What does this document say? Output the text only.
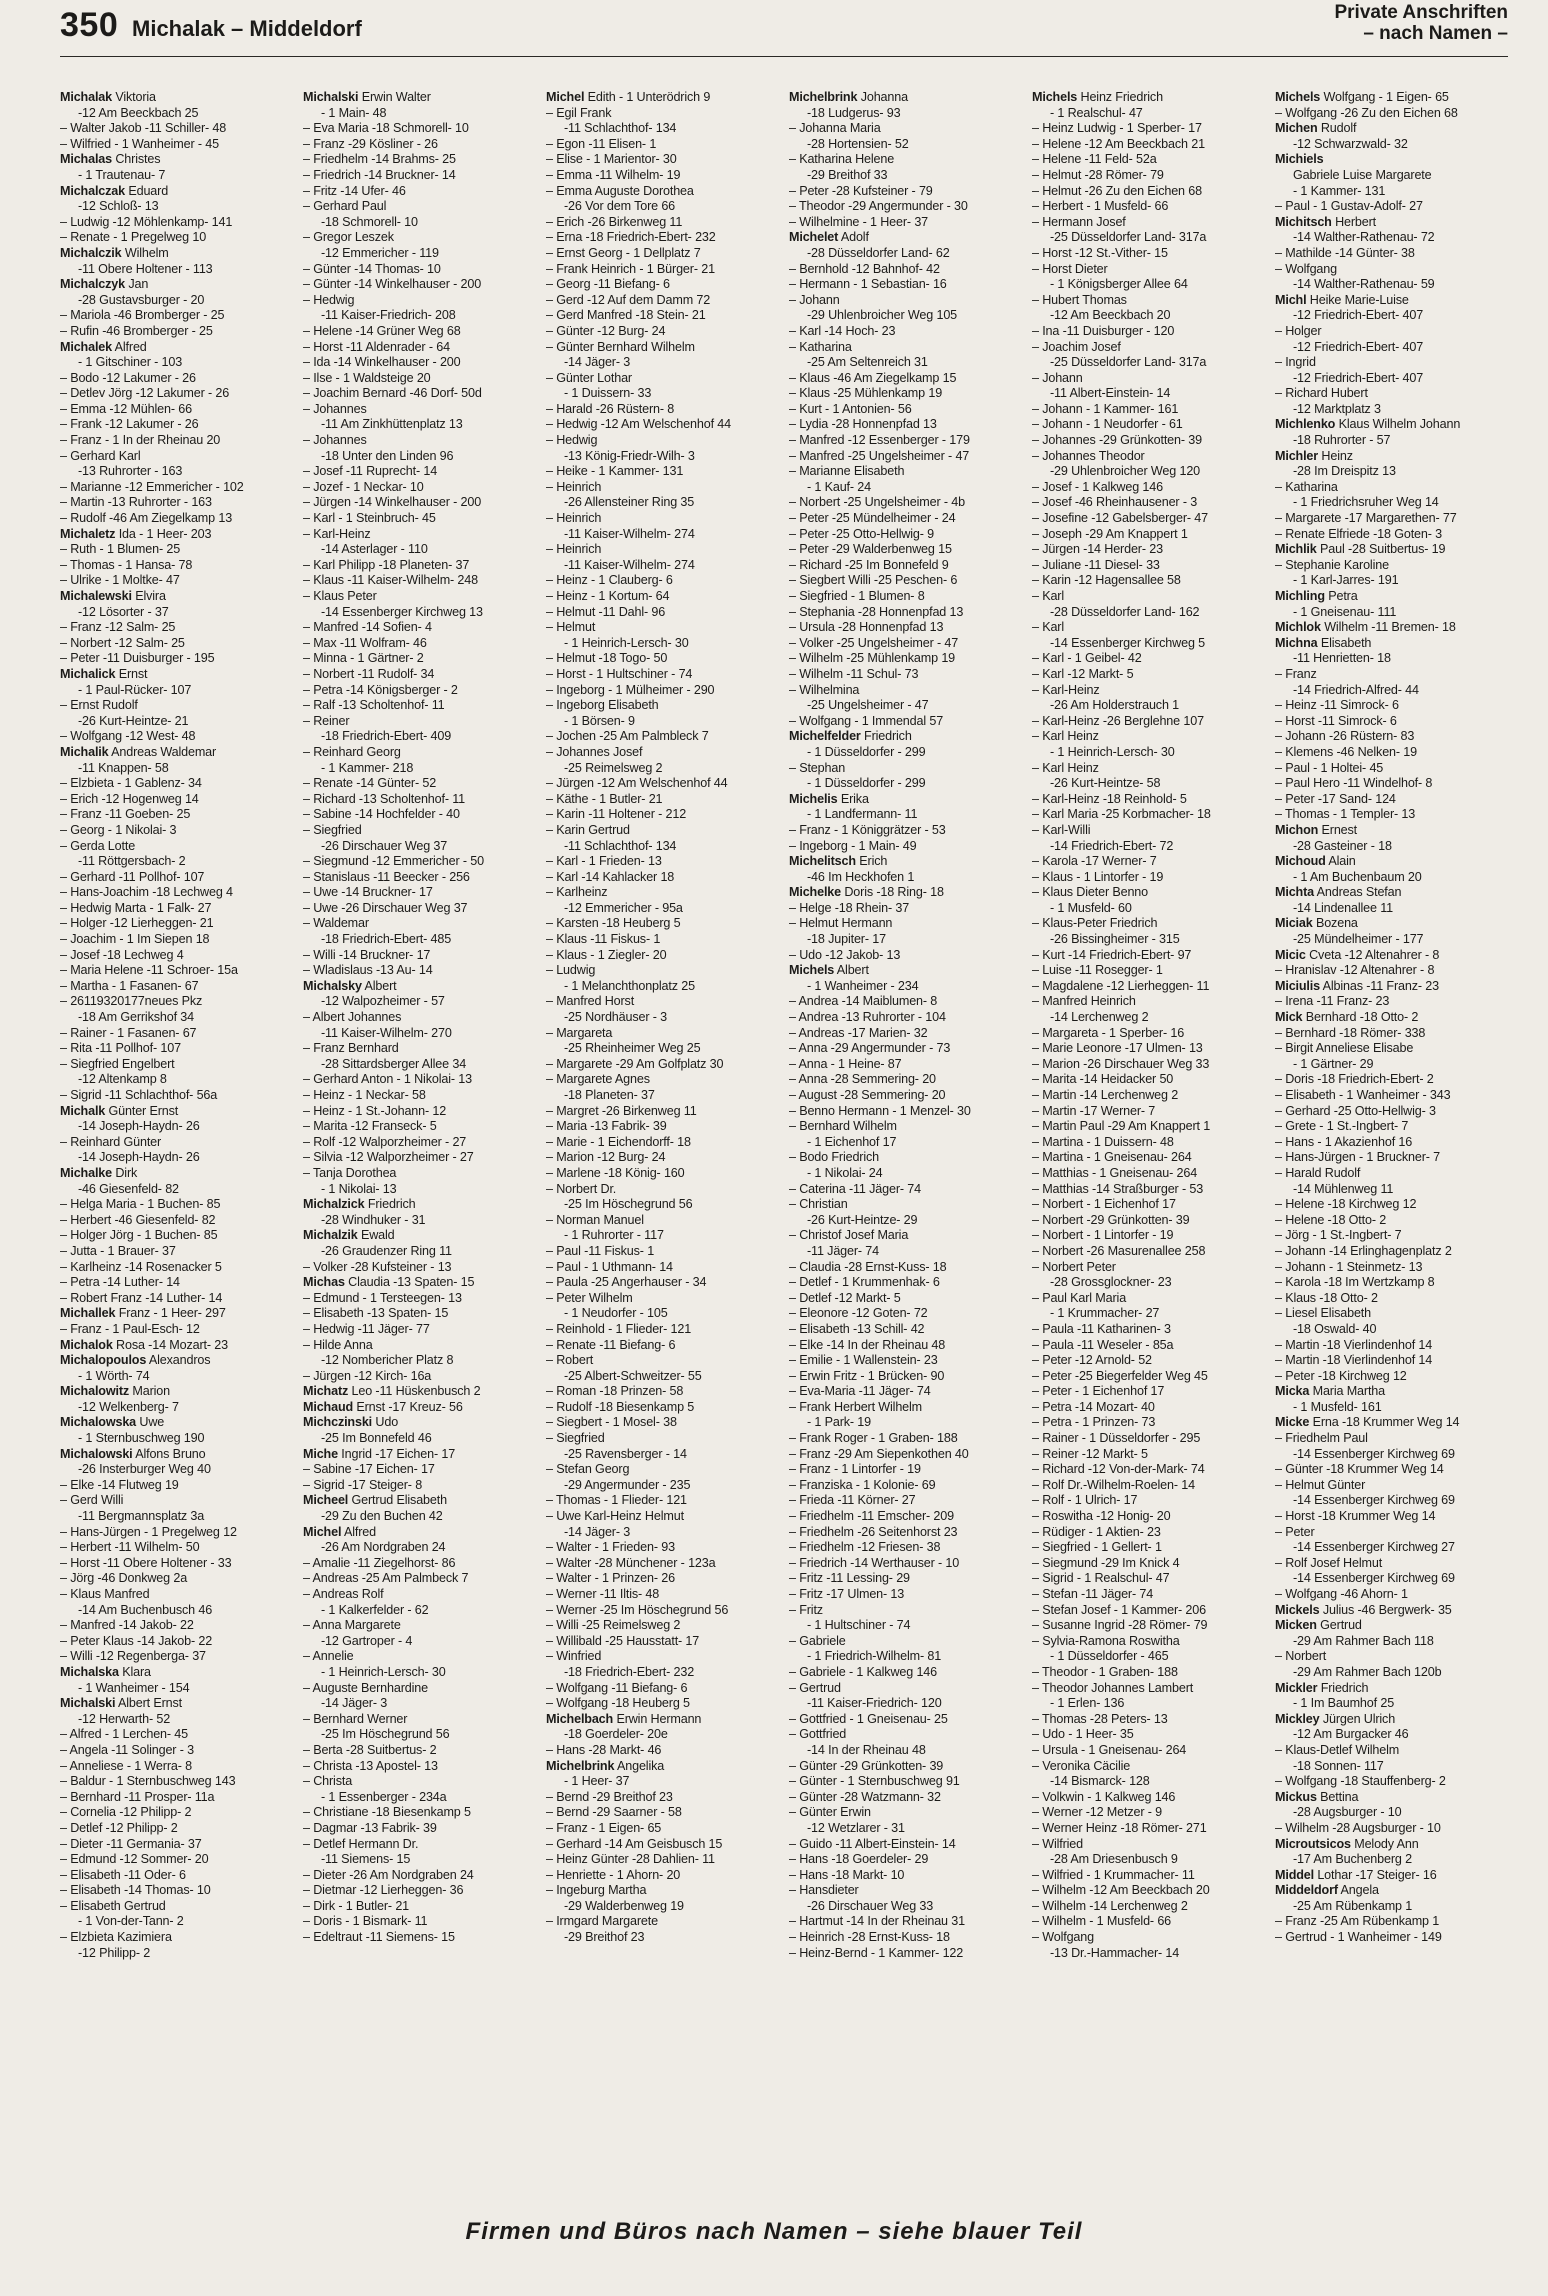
350 Michalak – Middeldorf
Private Anschriften
– nach Namen –
Michalak Viktoria
-12 Am Beeckbach 25
– Walter Jakob -11 Schiller- 48
– Wilfried - 1 Wanheimer - 45
Michalas Christes
- 1 Trautenau- 7
Michalczak Eduard
-12 Schloß- 13
– Ludwig -12 Möhlenkamp- 141
– Renate - 1 Pregelweg 10
Michalczik Wilhelm
-11 Obere Holtener - 113
Michalczyk Jan
-28 Gustavsburger - 20
– Mariola -46 Bromberger - 25
– Rufin -46 Bromberger - 25
Michalek Alfred
- 1 Gitschiner - 103
– Bodo -12 Lakumer - 26
– Detlev Jörg -12 Lakumer - 26
– Emma -12 Mühlen- 66
– Frank -12 Lakumer - 26
– Franz - 1 In der Rheinau 20
– Gerhard Karl
-13 Ruhrorter - 163
– Marianne -12 Emmericher - 102
– Martin -13 Ruhrorter - 163
– Rudolf -46 Am Ziegelkamp 13
Michaletz Ida - 1 Heer- 203
– Ruth - 1 Blumen- 25
– Thomas - 1 Hansa- 78
– Ulrike - 1 Moltke- 47
Michalewski Elvira
-12 Lösorter - 37
– Franz -12 Salm- 25
– Norbert -12 Salm- 25
– Peter -11 Duisburger - 195
Michalick Ernst
- 1 Paul-Rücker- 107
– Ernst Rudolf
-26 Kurt-Heintze- 21
– Wolfgang -12 West- 48
Michalik Andreas Waldemar
-11 Knappen- 58
– Elzbieta - 1 Gablenz- 34
– Erich -12 Hogenweg 14
– Franz -11 Goeben- 25
– Georg - 1 Nikolai- 3
– Gerda Lotte
-11 Röttgersbach- 2
– Gerhard -11 Pollhof- 107
– Hans-Joachim -18 Lechweg 4
– Hedwig Marta - 1 Falk- 27
– Holger -12 Lierheggen- 21
– Joachim - 1 Im Siepen 18
– Josef -18 Lechweg 4
– Maria Helene -11 Schroer- 15a
– Martha - 1 Fasanen- 67
– 26119320177neues Pkz
-18 Am Gerrikshof 34
– Rainer - 1 Fasanen- 67
– Rita -11 Pollhof- 107
– Siegfried Engelbert
-12 Altenkamp 8
– Sigrid -11 Schlachthof- 56a
Michalk Günter Ernst
-14 Joseph-Haydn- 26
– Reinhard Günter
-14 Joseph-Haydn- 26
Michalke Dirk
-46 Giesenfeld- 82
– Helga Maria - 1 Buchen- 85
– Herbert -46 Giesenfeld- 82
– Holger Jörg - 1 Buchen- 85
– Jutta - 1 Brauer- 37
– Karlheinz -14 Rosenacker 5
– Petra -14 Luther- 14
– Robert Franz -14 Luther- 14
Michallek Franz - 1 Heer- 297
– Franz - 1 Paul-Esch- 12
Michalok Rosa -14 Mozart- 23
Michalopoulos Alexandros
- 1 Wörth- 74
Michalowitz Marion
-12 Welkenberg- 7
Michalowska Uwe
- 1 Sternbuschweg 190
Michalowski Alfons Bruno
-26 Insterburger Weg 40
– Elke -14 Flutweg 19
– Gerd Willi
-11 Bergmannsplatz 3a
– Hans-Jürgen - 1 Pregelweg 12
– Herbert -11 Wilhelm- 50
– Horst -11 Obere Holtener - 33
– Jörg -46 Donkweg 2a
– Klaus Manfred
-14 Am Buchenbusch 46
– Manfred -14 Jakob- 22
– Peter Klaus -14 Jakob- 22
– Willi -12 Regenberga- 37
Michalska Klara
- 1 Wanheimer - 154
Michalski Albert Ernst
-12 Herwarth- 52
– Alfred - 1 Lerchen- 45
– Angela -11 Solinger - 3
– Anneliese - 1 Werra- 8
– Baldur - 1 Sternbuschweg 143
– Bernhard -11 Prosper- 11a
– Cornelia -12 Philipp- 2
– Detlef -12 Philipp- 2
– Dieter -11 Germania- 37
– Edmund -12 Sommer- 20
– Elisabeth -11 Oder- 6
– Elisabeth -14 Thomas- 10
– Elisabeth Gertrud
- 1 Von-der-Tann- 2
– Elzbieta Kazimiera
-12 Philipp- 2
Michalski Erwin Walter
- 1 Main- 48
– Eva Maria -18 Schmorell- 10
– Franz -29 Kösliner - 26
– Friedhelm -14 Brahms- 25
– Friedrich -14 Bruckner- 14
– Fritz -14 Ufer- 46
– Gerhard Paul
-18 Schmorell- 10
– Gregor Leszek
-12 Emmericher - 119
– Günter -14 Thomas- 10
– Günter -14 Winkelhauser - 200
– Hedwig
-11 Kaiser-Friedrich- 208
– Helene -14 Grüner Weg 68
– Horst -11 Aldenrader - 64
– Ida -14 Winkelhauser - 200
– Ilse - 1 Waldsteige 20
– Joachim Bernard -46 Dorf- 50d
– Johannes
-11 Am Zinkhüttenplatz 13
– Johannes
-18 Unter den Linden 96
– Josef -11 Ruprecht- 14
– Jozef - 1 Neckar- 10
– Jürgen -14 Winkelhauser - 200
– Karl - 1 Steinbruch- 45
– Karl-Heinz
-14 Asterlager - 110
– Karl Philipp -18 Planeten- 37
– Klaus -11 Kaiser-Wilhelm- 248
– Klaus Peter
-14 Essenberger Kirchweg 13
– Manfred -14 Sofien- 4
– Max -11 Wolfram- 46
– Minna - 1 Gärtner- 2
– Norbert -11 Rudolf- 34
– Petra -14 Königsberger - 2
– Ralf -13 Scholtenhof- 11
– Reiner
-18 Friedrich-Ebert- 409
– Reinhard Georg
- 1 Kammer- 218
– Renate -14 Günter- 52
– Richard -13 Scholtenhof- 11
– Sabine -14 Hochfelder - 40
– Siegfried
-26 Dirschauer Weg 37
– Siegmund -12 Emmericher - 50
– Stanislaus -11 Beecker - 256
– Uwe -14 Bruckner- 17
– Uwe -26 Dirschauer Weg 37
– Waldemar
-18 Friedrich-Ebert- 485
– Willi -14 Bruckner- 17
– Wladislaus -13 Au- 14
Michalsky Albert
-12 Walpozheimer - 57
– Albert Johannes
-11 Kaiser-Wilhelm- 270
– Franz Bernhard
-28 Sittardsberger Allee 34
– Gerhard Anton - 1 Nikolai- 13
– Heinz - 1 Neckar- 58
– Heinz - 1 St.-Johann- 12
– Marita -12 Franseck- 5
– Rolf -12 Walporzheimer - 27
– Silvia -12 Walporzheimer - 27
– Tanja Dorothea
- 1 Nikolai- 13
Michalzick Friedrich
-28 Windhuker - 31
Michalzik Ewald
-26 Graudenzer Ring 11
– Volker -28 Kufsteiner - 13
Michas Claudia -13 Spaten- 15
– Edmund - 1 Tersteegen- 13
– Elisabeth -13 Spaten- 15
– Hedwig -11 Jäger- 77
– Hilde Anna
-12 Nombericher Platz 8
– Jürgen -12 Kirch- 16a
Michatz Leo -11 Hüskenbusch 2
Michaud Ernst -17 Kreuz- 56
Michczinski Udo
-25 Im Bonnefeld 46
Miche Ingrid -17 Eichen- 17
– Sabine -17 Eichen- 17
– Sigrid -17 Steiger- 8
Micheel Gertrud Elisabeth
-29 Zu den Buchen 42
Michel Alfred
-26 Am Nordgraben 24
– Amalie -11 Ziegelhorst- 86
– Andreas -25 Am Palmbeck 7
– Andreas Rolf
- 1 Kalkerfelder - 62
– Anna Margarete
-12 Gartroper - 4
– Annelie
- 1 Heinrich-Lersch- 30
– Auguste Bernhardine
-14 Jäger- 3
– Bernhard Werner
-25 Im Höschegrund 56
– Berta -28 Suitbertus- 2
– Christa -13 Apostel- 13
– Christa
- 1 Essenberger - 234a
– Christiane -18 Biesenkamp 5
– Dagmar -13 Fabrik- 39
– Detlef Hermann Dr.
-11 Siemens- 15
– Dieter -26 Am Nordgraben 24
– Dietmar -12 Lierheggen- 36
– Dirk - 1 Butler- 21
– Doris - 1 Bismark- 11
– Edeltraut -11 Siemens- 15
Michel Edith - 1 Unterödrich 9
– Egil Frank
-11 Schlachthof- 134
– Egon -11 Elisen- 1
– Elise - 1 Marientor- 30
– Emma -11 Wilhelm- 19
– Emma Auguste Dorothea
-26 Vor dem Tore 66
– Erich -26 Birkenweg 11
– Erna -18 Friedrich-Ebert- 232
– Ernst Georg - 1 Dellplatz 7
– Frank Heinrich - 1 Bürger- 21
– Georg -11 Biefang- 6
– Gerd -12 Auf dem Damm 72
– Gerd Manfred -18 Stein- 21
– Günter -12 Burg- 24
– Günter Bernhard Wilhelm
-14 Jäger- 3
– Günter Lothar
- 1 Duissern- 33
– Harald -26 Rüstern- 8
– Hedwig -12 Am Welschenhof 44
– Hedwig
-13 König-Friedr-Wilh- 3
– Heike - 1 Kammer- 131
– Heinrich
-26 Allensteiner Ring 35
– Heinrich
-11 Kaiser-Wilhelm- 274
– Heinrich
-11 Kaiser-Wilhelm- 274
– Heinz - 1 Clauberg- 6
– Heinz - 1 Kortum- 64
– Helmut -11 Dahl- 96
– Helmut
- 1 Heinrich-Lersch- 30
– Helmut -18 Togo- 50
– Horst - 1 Hultschiner - 74
– Ingeborg - 1 Mülheimer - 290
– Ingeborg Elisabeth
- 1 Börsen- 9
– Jochen -25 Am Palmbleck 7
– Johannes Josef
-25 Reimelsweg 2
– Jürgen -12 Am Welschenhof 44
– Käthe - 1 Butler- 21
– Karin -11 Holtener - 212
– Karin Gertrud
-11 Schlachthof- 134
– Karl - 1 Frieden- 13
– Karl -14 Kahlacker 18
– Karlheinz
-12 Emmericher - 95a
– Karsten -18 Heuberg 5
– Klaus -11 Fiskus- 1
– Klaus - 1 Ziegler- 20
– Ludwig
- 1 Melanchthonplatz 25
– Manfred Horst
-25 Nordhäuser - 3
– Margareta
-25 Rheinheimer Weg 25
– Margarete -29 Am Golfplatz 30
– Margarete Agnes
-18 Planeten- 37
– Margret -26 Birkenweg 11
– Maria -13 Fabrik- 39
– Marie - 1 Eichendorff- 18
– Marion -12 Burg- 24
– Marlene -18 König- 160
– Norbert Dr.
-25 Im Höschegrund 56
– Norman Manuel
- 1 Ruhrorter - 117
– Paul -11 Fiskus- 1
– Paul - 1 Uthmann- 14
– Paula -25 Angerhauser - 34
– Peter Wilhelm
- 1 Neudorfer - 105
– Reinhold - 1 Flieder- 121
– Renate -11 Biefang- 6
– Robert
-25 Albert-Schweitzer- 55
– Roman -18 Prinzen- 58
– Rudolf -18 Biesenkamp 5
– Siegbert - 1 Mosel- 38
– Siegfried
-25 Ravensberger - 14
– Stefan Georg
-29 Angermunder - 235
– Thomas - 1 Flieder- 121
– Uwe Karl-Heinz Helmut
-14 Jäger- 3
– Walter - 1 Frieden- 93
– Walter -28 Münchener - 123a
– Walter - 1 Prinzen- 26
– Werner -11 Iltis- 48
– Werner -25 Im Höschegrund 56
– Willi -25 Reimelsweg 2
– Willibald -25 Hausstatt- 17
– Winfried
-18 Friedrich-Ebert- 232
– Wolfgang -11 Biefang- 6
– Wolfgang -18 Heuberg 5
Michelbach Erwin Hermann
-18 Goerdeler- 20e
– Hans -28 Markt- 46
Michelbrink Angelika
- 1 Heer- 37
– Bernd -29 Breithof 23
– Bernd -29 Saarner - 58
– Franz - 1 Eigen- 65
– Gerhard -14 Am Geisbusch 15
– Heinz Günter -28 Dahlien- 11
– Henriette - 1 Ahorn- 20
– Ingeburg Martha
-29 Walderbenweg 19
– Irmgard Margarete
-29 Breithof 23
Michelbrink Johanna
-18 Ludgerus- 93
– Johanna Maria
-28 Hortensien- 52
– Katharina Helene
-29 Breithof 33
– Peter -28 Kufsteiner - 79
– Theodor -29 Angermunder - 30
– Wilhelmine - 1 Heer- 37
Michelet Adolf
-28 Düsseldorfer Land- 62
– Bernhold -12 Bahnhof- 42
– Hermann - 1 Sebastian- 16
– Johann
-29 Uhlenbroicher Weg 105
– Karl -14 Hoch- 23
– Katharina
-25 Am Seltenreich 31
– Klaus -46 Am Ziegelkamp 15
– Klaus -25 Mühlenkamp 19
– Kurt - 1 Antonien- 56
– Lydia -28 Honnenpfad 13
– Manfred -12 Essenberger - 179
– Manfred -25 Ungelsheimer - 47
– Marianne Elisabeth
- 1 Kauf- 24
– Norbert -25 Ungelsheimer - 4b
– Peter -25 Mündelheimer - 24
– Peter -25 Otto-Hellwig- 9
– Peter -29 Walderbenweg 15
– Richard -25 Im Bonnefeld 9
– Siegbert Willi -25 Peschen- 6
– Siegfried - 1 Blumen- 8
– Stephania -28 Honnenpfad 13
– Ursula -28 Honnenpfad 13
– Volker -25 Ungelsheimer - 47
– Wilhelm -25 Mühlenkamp 19
– Wilhelm -11 Schul- 73
– Wilhelmina
-25 Ungelsheimer - 47
– Wolfgang - 1 Immendal 57
Michelfelder Friedrich
- 1 Düsseldorfer - 299
– Stephan
- 1 Düsseldorfer - 299
Michelis Erika
- 1 Landfermann- 11
– Franz - 1 Königgrätzer - 53
– Ingeborg - 1 Main- 49
Michelitsch Erich
-46 Im Heckhofen 1
Michelke Doris -18 Ring- 18
– Helge -18 Rhein- 37
– Helmut Hermann
-18 Jupiter- 17
– Udo -12 Jakob- 13
Michels Albert
- 1 Wanheimer - 234
– Andrea -14 Maiblumen- 8
– Andrea -13 Ruhrorter - 104
– Andreas -17 Marien- 32
– Anna -29 Angermunder - 73
– Anna - 1 Heine- 87
– Anna -28 Semmering- 20
– August -28 Semmering- 20
– Benno Hermann - 1 Menzel- 30
– Bernhard Wilhelm
- 1 Eichenhof 17
– Bodo Friedrich
- 1 Nikolai- 24
– Caterina -11 Jäger- 74
– Christian
-26 Kurt-Heintze- 29
– Christof Josef Maria
-11 Jäger- 74
– Claudia -28 Ernst-Kuss- 18
– Detlef - 1 Krummenhak- 6
– Detlef -12 Markt- 5
– Eleonore -12 Goten- 72
– Elisabeth -13 Schill- 42
– Elke -14 In der Rheinau 48
– Emilie - 1 Wallenstein- 23
– Erwin Fritz - 1 Brücken- 90
– Eva-Maria -11 Jäger- 74
– Frank Herbert Wilhelm
- 1 Park- 19
– Frank Roger - 1 Graben- 188
– Franz -29 Am Siepenkothen 40
– Franz - 1 Lintorfer - 19
– Franziska - 1 Kolonie- 69
– Frieda -11 Körner- 27
– Friedhelm -11 Emscher- 209
– Friedhelm -26 Seitenhorst 23
– Friedhelm -12 Friesen- 38
– Friedrich -14 Werthauser - 10
– Fritz -11 Lessing- 29
– Fritz -17 Ulmen- 13
– Fritz
- 1 Hultschiner - 74
– Gabriele
- 1 Friedrich-Wilhelm- 81
– Gabriele - 1 Kalkweg 146
– Gertrud
-11 Kaiser-Friedrich- 120
– Gottfried - 1 Gneisenau- 25
– Gottfried
-14 In der Rheinau 48
– Günter -29 Grünkotten- 39
– Günter - 1 Sternbuschweg 91
– Günter -28 Watzmann- 32
– Günter Erwin
-12 Wetzlarer - 31
– Guido -11 Albert-Einstein- 14
– Hans -18 Goerdeler- 29
– Hans -18 Markt- 10
– Hansdieter
-26 Dirschauer Weg 33
– Hartmut -14 In der Rheinau 31
– Heinrich -28 Ernst-Kuss- 18
– Heinz-Bernd - 1 Kammer- 122
Michels Heinz Friedrich
- 1 Realschul- 47
– Heinz Ludwig - 1 Sperber- 17
– Helene -12 Am Beeckbach 21
– Helene -11 Feld- 52a
– Helmut -28 Römer- 79
– Helmut -26 Zu den Eichen 68
– Herbert - 1 Musfeld- 66
– Hermann Josef
-25 Düsseldorfer Land- 317a
– Horst -12 St.-Vither- 15
– Horst Dieter
- 1 Königsberger Allee 64
– Hubert Thomas
-12 Am Beeckbach 20
– Ina -11 Duisburger - 120
– Joachim Josef
-25 Düsseldorfer Land- 317a
– Johann
-11 Albert-Einstein- 14
– Johann - 1 Kammer- 161
– Johann - 1 Neudorfer - 61
– Johannes -29 Grünkotten- 39
– Johannes Theodor
-29 Uhlenbroicher Weg 120
– Josef - 1 Kalkweg 146
– Josef -46 Rheinhausener - 3
– Josefine -12 Gabelsberger- 47
– Joseph -29 Am Knappert 1
– Jürgen -14 Herder- 23
– Juliane -11 Diesel- 33
– Karin -12 Hagensallee 58
– Karl
-28 Düsseldorfer Land- 162
– Karl
-14 Essenberger Kirchweg 5
– Karl - 1 Geibel- 42
– Karl -12 Markt- 5
– Karl-Heinz
-26 Am Holderstrauch 1
– Karl-Heinz -26 Berglehne 107
– Karl Heinz
- 1 Heinrich-Lersch- 30
– Karl Heinz
-26 Kurt-Heintze- 58
– Karl-Heinz -18 Reinhold- 5
– Karl Maria -25 Korbmacher- 18
– Karl-Willi
-14 Friedrich-Ebert- 72
– Karola -17 Werner- 7
– Klaus - 1 Lintorfer - 19
– Klaus Dieter Benno
- 1 Musfeld- 60
– Klaus-Peter Friedrich
-26 Bissingheimer - 315
– Kurt -14 Friedrich-Ebert- 97
– Luise -11 Rosegger- 1
– Magdalene -12 Lierheggen- 11
– Manfred Heinrich
-14 Lerchenweg 2
– Margareta - 1 Sperber- 16
– Marie Leonore -17 Ulmen- 13
– Marion -26 Dirschauer Weg 33
– Marita -14 Heidacker 50
– Martin -14 Lerchenweg 2
– Martin -17 Werner- 7
– Martin Paul -29 Am Knappert 1
– Martina - 1 Duissern- 48
– Martina - 1 Gneisenau- 264
– Matthias - 1 Gneisenau- 264
– Matthias -14 Straßburger - 53
– Norbert - 1 Eichenhof 17
– Norbert -29 Grünkotten- 39
– Norbert - 1 Lintorfer - 19
– Norbert -26 Masurenallee 258
– Norbert Peter
-28 Grossglockner- 23
– Paul Karl Maria
- 1 Krummacher- 27
– Paula -11 Katharinen- 3
– Paula -11 Weseler - 85a
– Peter -12 Arnold- 52
– Peter -25 Biegerfelder Weg 45
– Peter - 1 Eichenhof 17
– Petra -14 Mozart- 40
– Petra - 1 Prinzen- 73
– Rainer - 1 Düsseldorfer - 295
– Reiner -12 Markt- 5
– Richard -12 Von-der-Mark- 74
– Rolf Dr.-Wilhelm-Roelen- 14
– Rolf - 1 Ulrich- 17
– Roswitha -12 Honig- 20
– Rüdiger - 1 Aktien- 23
– Siegfried - 1 Gellert- 1
– Siegmund -29 Im Knick 4
– Sigrid - 1 Realschul- 47
– Stefan -11 Jäger- 74
– Stefan Josef - 1 Kammer- 206
– Susanne Ingrid -28 Römer- 79
– Sylvia-Ramona Roswitha
- 1 Düsseldorfer - 465
– Theodor - 1 Graben- 188
– Theodor Johannes Lambert
- 1 Erlen- 136
– Thomas -28 Peters- 13
– Udo - 1 Heer- 35
– Ursula - 1 Gneisenau- 264
– Veronika Cäcilie
-14 Bismarck- 128
– Volkwin - 1 Kalkweg 146
– Werner -12 Metzer - 9
– Werner Heinz -18 Römer- 271
– Wilfried
-28 Am Driesenbusch 9
– Wilfried - 1 Krummacher- 11
– Wilhelm -12 Am Beeckbach 20
– Wilhelm -14 Lerchenweg 2
– Wilhelm - 1 Musfeld- 66
– Wolfgang
-13 Dr.-Hammacher- 14
Michels Wolfgang - 1 Eigen- 65
– Wolfgang -26 Zu den Eichen 68
Michen Rudolf
-12 Schwarzwald- 32
Michiels
Gabriele Luise Margarete
- 1 Kammer- 131
– Paul - 1 Gustav-Adolf- 27
Michitsch Herbert
-14 Walther-Rathenau- 72
– Mathilde -14 Günter- 38
– Wolfgang
-14 Walther-Rathenau- 59
Michl Heike Marie-Luise
-12 Friedrich-Ebert- 407
– Holger
-12 Friedrich-Ebert- 407
– Ingrid
-12 Friedrich-Ebert- 407
– Richard Hubert
-12 Marktplatz 3
Michlenko Klaus Wilhelm Johann
-18 Ruhrorter - 57
Michler Heinz
-28 Im Dreispitz 13
– Katharina
- 1 Friedrichsruher Weg 14
– Margarete -17 Margarethen- 77
– Renate Elfriede -18 Goten- 3
Michlik Paul -28 Suitbertus- 19
– Stephanie Karoline
- 1 Karl-Jarres- 191
Michling Petra
- 1 Gneisenau- 111
Michlok Wilhelm -11 Bremen- 18
Michna Elisabeth
-11 Henrietten- 18
– Franz
-14 Friedrich-Alfred- 44
– Heinz -11 Simrock- 6
– Horst -11 Simrock- 6
– Johann -26 Rüstern- 83
– Klemens -46 Nelken- 19
– Paul - 1 Holtei- 45
– Paul Hero -11 Windelhof- 8
– Peter -17 Sand- 124
– Thomas - 1 Templer- 13
Michon Ernest
-28 Gasteiner - 18
Michoud Alain
- 1 Am Buchenbaum 20
Michta Andreas Stefan
-14 Lindenallee 11
Miciak Bozena
-25 Mündelheimer - 177
Micic Cveta -12 Altenahrer - 8
– Hranislav -12 Altenahrer - 8
Miciulis Albinas -11 Franz- 23
– Irena -11 Franz- 23
Mick Bernhard -18 Otto- 2
– Bernhard -18 Römer- 338
– Birgit Anneliese Elisabe
- 1 Gärtner- 29
– Doris -18 Friedrich-Ebert- 2
– Elisabeth - 1 Wanheimer - 343
– Gerhard -25 Otto-Hellwig- 3
– Grete - 1 St.-Ingbert- 7
– Hans - 1 Akazienhof 16
– Hans-Jürgen - 1 Bruckner- 7
– Harald Rudolf
-14 Mühlenweg 11
– Helene -18 Kirchweg 12
– Helene -18 Otto- 2
– Jörg - 1 St.-Ingbert- 7
– Johann -14 Erlinghagenplatz 2
– Johann - 1 Steinmetz- 13
– Karola -18 Im Wertzkamp 8
– Klaus -18 Otto- 2
– Liesel Elisabeth
-18 Oswald- 40
– Martin -18 Vierlindenhof 14
– Martin -18 Vierlindenhof 14
– Peter -18 Kirchweg 12
Micka Maria Martha
- 1 Musfeld- 161
Micke Erna -18 Krummer Weg 14
– Friedhelm Paul
-14 Essenberger Kirchweg 69
– Günter -18 Krummer Weg 14
– Helmut Günter
-14 Essenberger Kirchweg 69
– Horst -18 Krummer Weg 14
– Peter
-14 Essenberger Kirchweg 27
– Rolf Josef Helmut
-14 Essenberger Kirchweg 69
– Wolfgang -46 Ahorn- 1
Mickels Julius -46 Bergwerk- 35
Micken Gertrud
-29 Am Rahmer Bach 118
– Norbert
-29 Am Rahmer Bach 120b
Mickler Friedrich
- 1 Im Baumhof 25
Mickley Jürgen Ulrich
-12 Am Burgacker 46
– Klaus-Detlef Wilhelm
-18 Sonnen- 117
– Wolfgang -18 Stauffenberg- 2
Mickus Bettina
-28 Augsburger - 10
– Wilhelm -28 Augsburger - 10
Microutsicos Melody Ann
-17 Am Buchenberg 2
Middel Lothar -17 Steiger- 16
Middeldorf Angela
-25 Am Rübenkamp 1
– Franz -25 Am Rübenkamp 1
– Gertrud - 1 Wanheimer - 149
Firmen und Büros nach Namen – siehe blauer Teil
